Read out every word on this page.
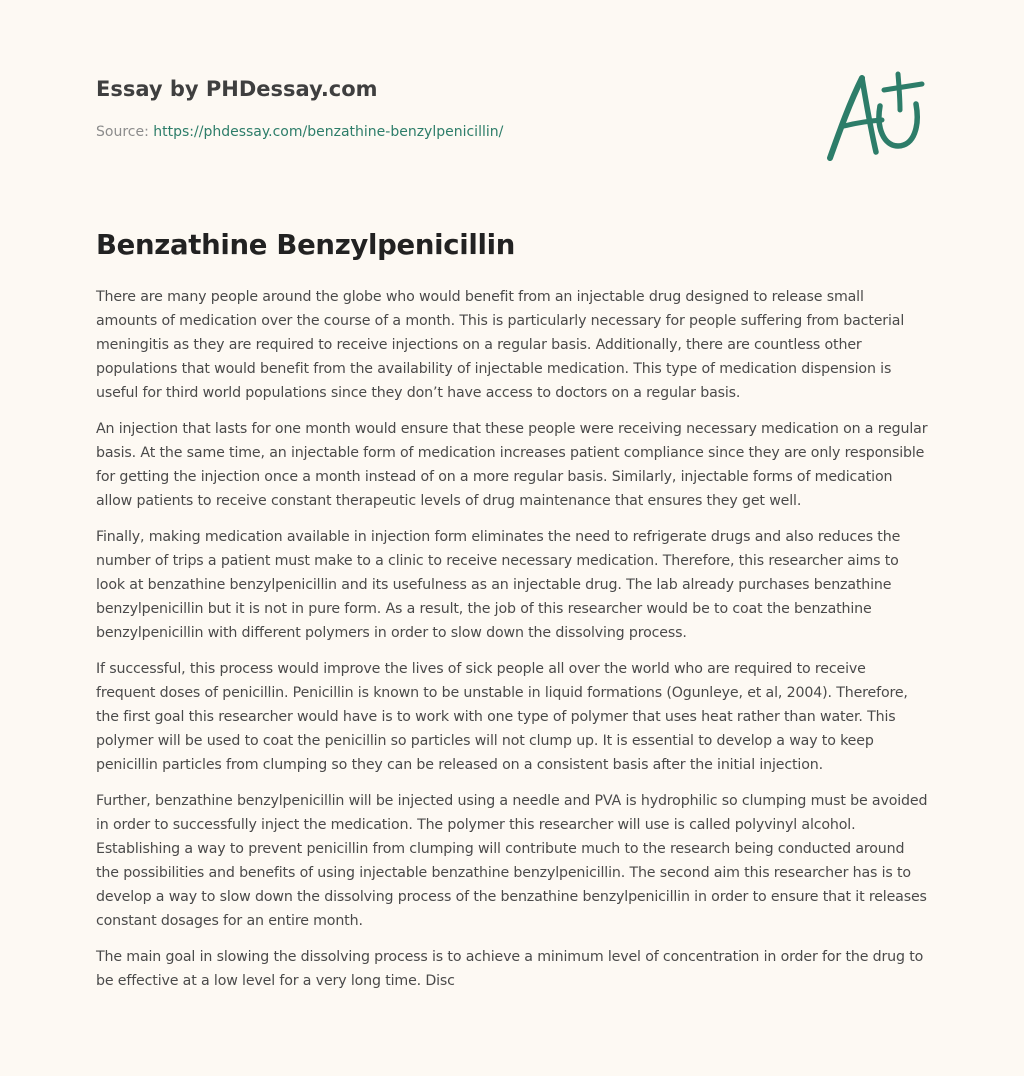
Essay by PHDessay.com
Source: https://phdessay.com/benzathine-benzylpenicillin/
Benzathine Benzylpenicillin

There are many people around the globe who would benefit from an injectable drug designed to release small amounts of medication over the course of a month. This is particularly necessary for people suffering from bacterial meningitis as they are required to receive injections on a regular basis. Additionally, there are countless other populations that would benefit from the availability of injectable medication. This type of medication dispension is useful for third world populations since they don’t have access to doctors on a regular basis.

An injection that lasts for one month would ensure that these people were receiving necessary medication on a regular basis. At the same time, an injectable form of medication increases patient compliance since they are only responsible for getting the injection once a month instead of on a more regular basis. Similarly, injectable forms of medication allow patients to receive constant therapeutic levels of drug maintenance that ensures they get well.

Finally, making medication available in injection form eliminates the need to refrigerate drugs and also reduces the number of trips a patient must make to a clinic to receive necessary medication. Therefore, this researcher aims to look at benzathine benzylpenicillin and its usefulness as an injectable drug. The lab already purchases benzathine benzylpenicillin but it is not in pure form. As a result, the job of this researcher would be to coat the benzathine benzylpenicillin with different polymers in order to slow down the dissolving process.

If successful, this process would improve the lives of sick people all over the world who are required to receive frequent doses of penicillin. Penicillin is known to be unstable in liquid formations (Ogunleye, et al, 2004). Therefore, the first goal this researcher would have is to work with one type of polymer that uses heat rather than water. This polymer will be used to coat the penicillin so particles will not clump up. It is essential to develop a way to keep penicillin particles from clumping so they can be released on a consistent basis after the initial injection.

Further, benzathine benzylpenicillin will be injected using a needle and PVA is hydrophilic so clumping must be avoided in order to successfully inject the medication. The polymer this researcher will use is called polyvinyl alcohol. Establishing a way to prevent penicillin from clumping will contribute much to the research being conducted around the possibilities and benefits of using injectable benzathine benzylpenicillin. The second aim this researcher has is to develop a way to slow down the dissolving process of the benzathine benzylpenicillin in order to ensure that it releases constant dosages for an entire month.

The main goal in slowing the dissolving process is to achieve a minimum level of concentration in order for the drug to be effective at a low level for a very long time. Disc
